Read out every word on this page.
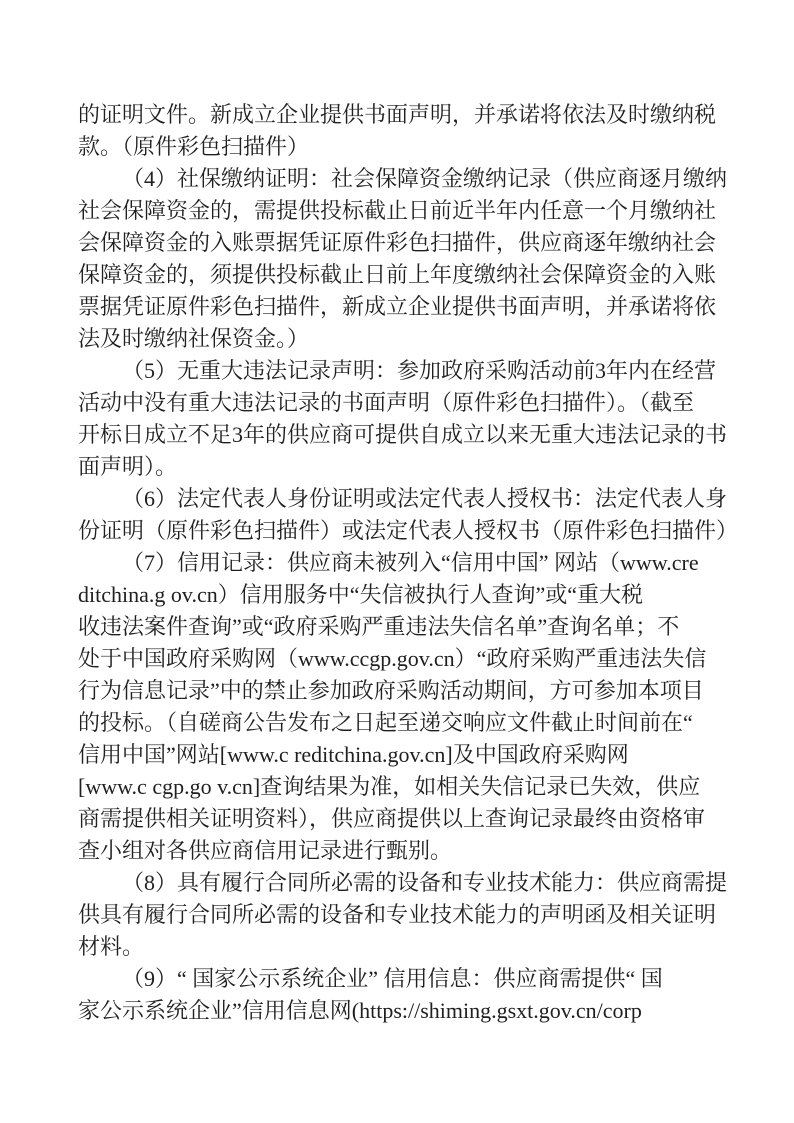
的证明文件。新成立企业提供书面声明，并承诺将依法及时缴纳税
款。（原件彩色扫描件）
（4）社保缴纳证明：社会保障资金缴纳记录（供应商逐月缴纳
社会保障资金的，需提供投标截止日前近半年内任意一个月缴纳社
会保障资金的入账票据凭证原件彩色扫描件，供应商逐年缴纳社会
保障资金的，须提供投标截止日前上年度缴纳社会保障资金的入账
票据凭证原件彩色扫描件，新成立企业提供书面声明，并承诺将依
法及时缴纳社保资金。）
（5）无重大违法记录声明：参加政府采购活动前3年内在经营
活动中没有重大违法记录的书面声明（原件彩色扫描件）。（截至
开标日成立不足3年的供应商可提供自成立以来无重大违法记录的书
面声明）。
（6）法定代表人身份证明或法定代表人授权书：法定代表人身
份证明（原件彩色扫描件）或法定代表人授权书（原件彩色扫描件）
（7）信用记录：供应商未被列入“信用中国” 网站（www.cre
ditchina.g ov.cn）信用服务中“失信被执行人查询”或“重大税
收违法案件查询”或“政府采购严重违法失信名单”查询名单；不
处于中国政府采购网（www.ccgp.gov.cn）“政府采购严重违法失信
行为信息记录”中的禁止参加政府采购活动期间，方可参加本项目
的投标。（自磋商公告发布之日起至递交响应文件截止时间前在“
信用中国”网站[www.c reditchina.gov.cn]及中国政府采购网
[www.c cgp.go v.cn]查询结果为准，如相关失信记录已失效，供应
商需提供相关证明资料），供应商提供以上查询记录最终由资格审
查小组对各供应商信用记录进行甄别。
（8）具有履行合同所必需的设备和专业技术能力：供应商需提
供具有履行合同所必需的设备和专业技术能力的声明函及相关证明
材料。
（9）“ 国家公示系统企业” 信用信息：供应商需提供“ 国
家公示系统企业”信用信息网(https://shiming.gsxt.gov.cn/corp
